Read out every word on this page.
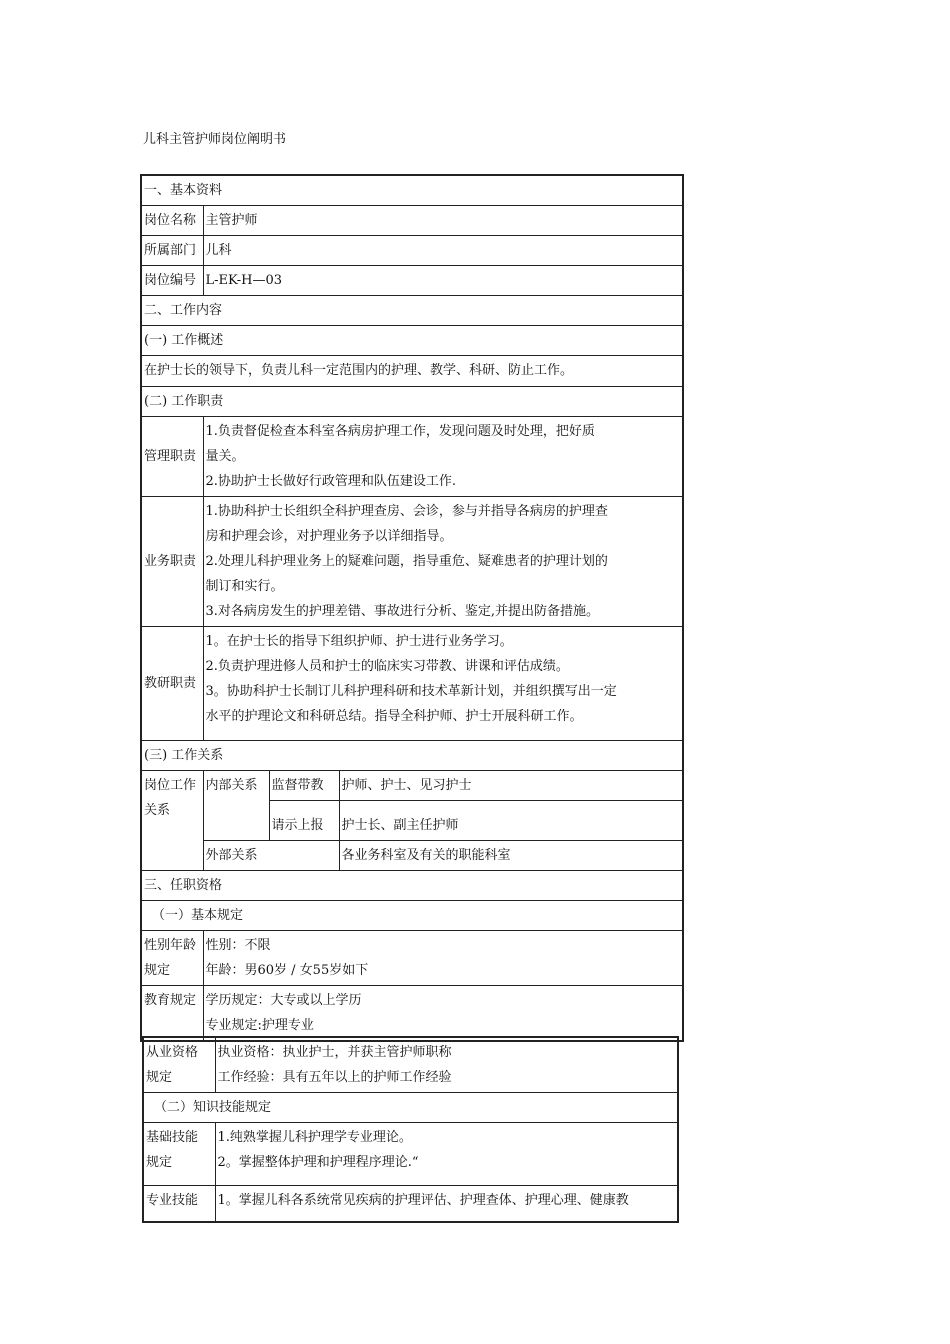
儿科主管护师岗位阐明书
一、基本资料			
岗位名称	主管护师		
所属部门	儿科		
岗位编号	L-EK-H—03		
二、工作内容			
(一) 工作概述			
在护士长的领导下，负责儿科一定范围内的护理、教学、科研、防止工作。			
(二) 工作职责			
管理职责	1.负责督促检查本科室各病房护理工作，发现问题及时处理，把好质
量关。
2.协助护士长做好行政管理和队伍建设工作.		

业务职责	1.协助科护士长组织全科护理查房、会诊，参与并指导各病房的护理查
房和护理会诊，对护理业务予以详细指导。
2.处理儿科护理业务上的疑难问题，指导重危、疑难患者的护理计划的
制订和实行。
3.对各病房发生的护理差错、事故进行分析、鉴定,并提出防备措施。		

教研职责	1。在护士长的指导下组织护师、护士进行业务学习。
2.负责护理进修人员和护士的临床实习带教、讲课和评估成绩。
3。协助科护士长制订儿科护理科研和技术革新计划，并组织撰写出一定
水平的护理论文和科研总结。指导全科护师、护士开展科研工作。		

(三) 工作关系			

岗位工作
关系	内部关系	监督带教	护师、护士、见习护士
		请示上报	护士长、副主任护师
	外部关系		各业务科室及有关的职能科室
三、任职资格			
（一）基本规定			

性别年龄
规定	性别：不限
年龄：男60岁 / 女55岁如下		

教育规定	学历规定：大专或以上学历
专业规定:护理专业		
从业资格
规定	执业资格：执业护士，并获主管护师职称
工作经验：具有五年以上的护师工作经验

（二）知识技能规定	

基础技能
规定	1.纯熟掌握儿科护理学专业理论。
2。掌握整体护理和护理程序理论.“

专业技能	1。掌握儿科各系统常见疾病的护理评估、护理查体、护理心理、健康教
